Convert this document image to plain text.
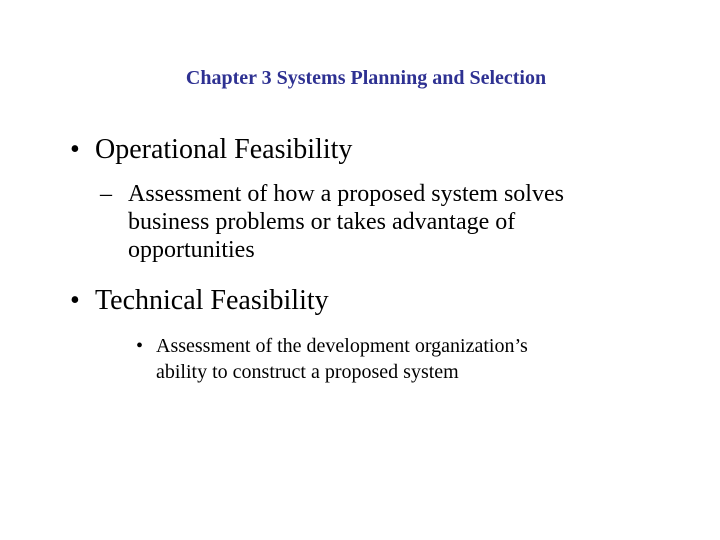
Chapter 3 Systems Planning and Selection
• Operational Feasibility
– Assessment of how a proposed system solves
business problems or takes advantage of
opportunities
• Technical Feasibility
• Assessment of the development organization’s
ability to construct a proposed system
